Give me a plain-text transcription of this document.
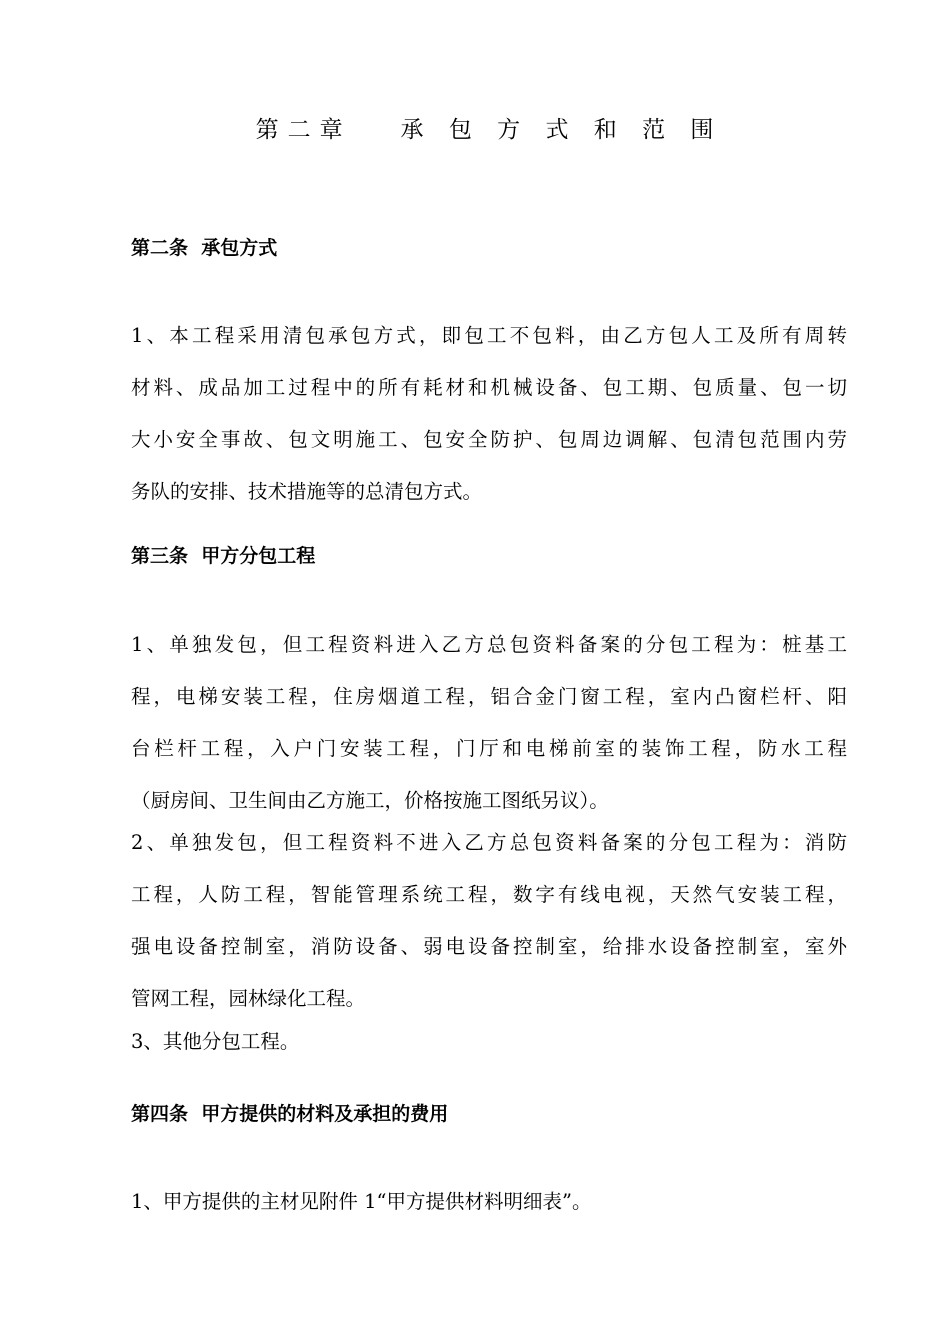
第二章   承 包 方 式 和 范 围
第二条  承包方式
1、本工程采用清包承包方式，即包工不包料，由乙方包人工及所有周转
材料、成品加工过程中的所有耗材和机械设备、包工期、包质量、包一切
大小安全事故、包文明施工、包安全防护、包周边调解、包清包范围内劳
务队的安排、技术措施等的总清包方式。
第三条  甲方分包工程
1、单独发包，但工程资料进入乙方总包资料备案的分包工程为：桩基工
程，电梯安装工程，住房烟道工程，铝合金门窗工程，室内凸窗栏杆、阳
台栏杆工程，入户门安装工程，门厅和电梯前室的装饰工程，防水工程
（厨房间、卫生间由乙方施工，价格按施工图纸另议）。
2、单独发包，但工程资料不进入乙方总包资料备案的分包工程为：消防
工程，人防工程，智能管理系统工程，数字有线电视，天然气安装工程，
强电设备控制室，消防设备、弱电设备控制室，给排水设备控制室，室外
管网工程，园林绿化工程。
3、其他分包工程。
第四条  甲方提供的材料及承担的费用
1、甲方提供的主材见附件 1“甲方提供材料明细表”。
